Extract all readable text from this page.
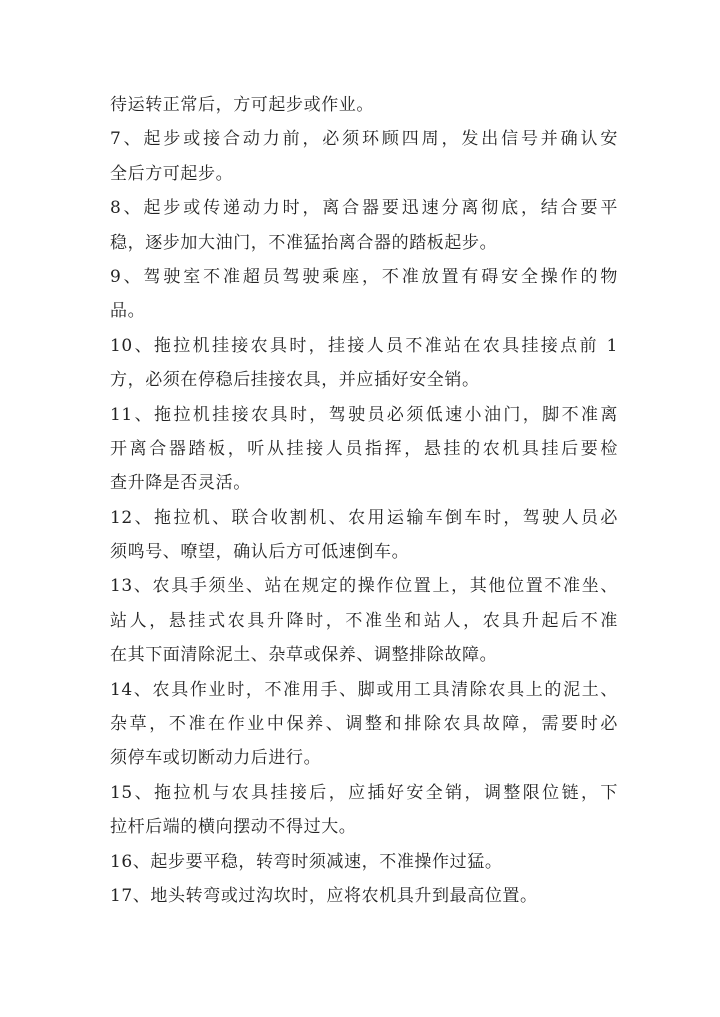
待运转正常后，方可起步或作业。
7、起步或接合动力前，必须环顾四周，发出信号并确认安
全后方可起步。
8、起步或传递动力时，离合器要迅速分离彻底，结合要平
稳，逐步加大油门，不准猛抬离合器的踏板起步。
9、驾驶室不准超员驾驶乘座，不准放置有碍安全操作的物
品。
10、拖拉机挂接农具时，挂接人员不准站在农具挂接点前 1
方，必须在停稳后挂接农具，并应插好安全销。
11、拖拉机挂接农具时，驾驶员必须低速小油门，脚不准离
开离合器踏板，听从挂接人员指挥，悬挂的农机具挂后要检
查升降是否灵活。
12、拖拉机、联合收割机、农用运输车倒车时，驾驶人员必
须鸣号、嘹望，确认后方可低速倒车。
13、农具手须坐、站在规定的操作位置上，其他位置不准坐、
站人，悬挂式农具升降时，不准坐和站人，农具升起后不准
在其下面清除泥土、杂草或保养、调整排除故障。
14、农具作业时，不准用手、脚或用工具清除农具上的泥土、
杂草，不准在作业中保养、调整和排除农具故障，需要时必
须停车或切断动力后进行。
15、拖拉机与农具挂接后，应插好安全销，调整限位链，下
拉杆后端的横向摆动不得过大。
16、起步要平稳，转弯时须减速，不准操作过猛。
17、地头转弯或过沟坎时，应将农机具升到最高位置。
